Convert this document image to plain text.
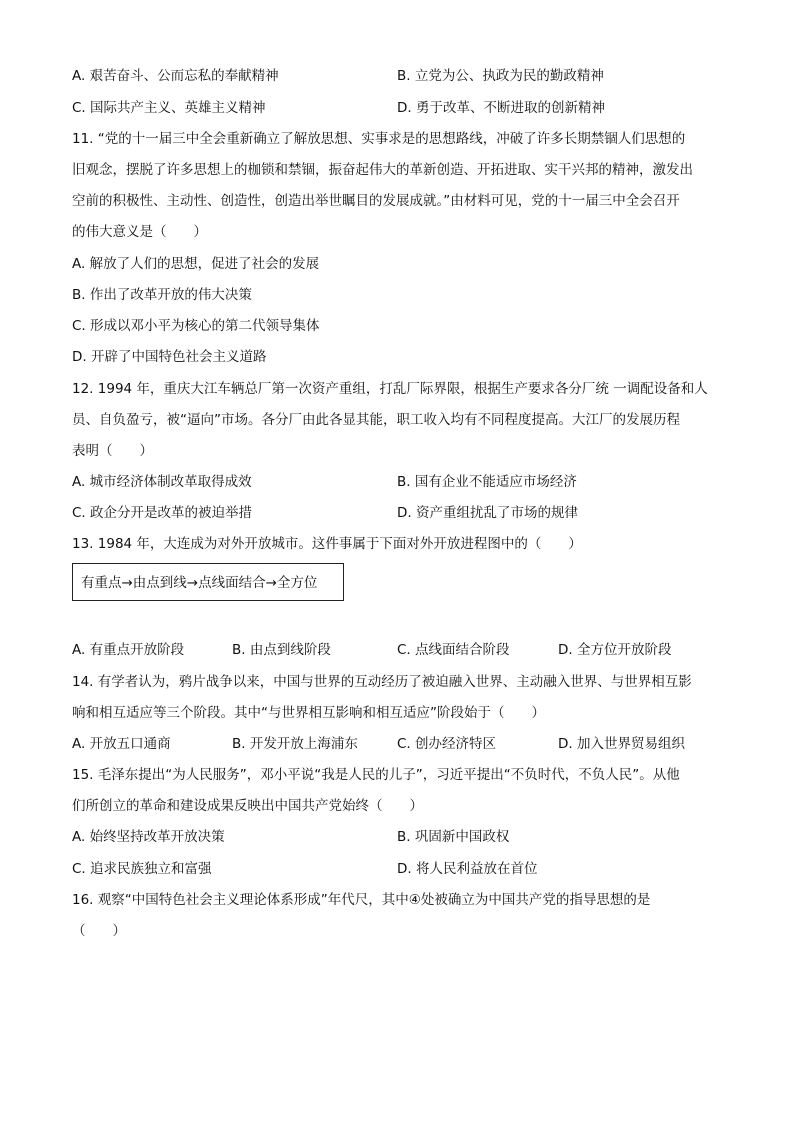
A. 艰苦奋斗、公而忘私的奉献精神	B. 立党为公、执政为民的勤政精神
C. 国际共产主义、英雄主义精神	D. 勇于改革、不断进取的创新精神
11. “党的十一届三中全会重新确立了解放思想、实事求是的思想路线，冲破了许多长期禁锢人们思想的
旧观念，摆脱了许多思想上的枷锁和禁锢，振奋起伟大的革新创造、开拓进取、实干兴邦的精神，激发出
空前的积极性、主动性、创造性，创造出举世瞩目的发展成就。”由材料可见，党的十一届三中全会召开
的伟大意义是（　　）
A. 解放了人们的思想，促进了社会的发展
B. 作出了改革开放的伟大决策
C. 形成以邓小平为核心的第二代领导集体
D. 开辟了中国特色社会主义道路
12. 1994 年，重庆大江车辆总厂第一次资产重组，打乱厂际界限，根据生产要求各分厂统 一调配设备和人
员、自负盈亏，被“逼向”市场。各分厂由此各显其能，职工收入均有不同程度提高。大江厂的发展历程
表明（　　）
A. 城市经济体制改革取得成效	B. 国有企业不能适应市场经济
C. 政企分开是改革的被迫举措	D. 资产重组扰乱了市场的规律
13. 1984 年，大连成为对外开放城市。这件事属于下面对外开放进程图中的（　　）
有重点→由点到线→点线面结合→全方位
A. 有重点开放阶段	B. 由点到线阶段	C. 点线面结合阶段	D. 全方位开放阶段
14. 有学者认为，鸦片战争以来，中国与世界的互动经历了被迫融入世界、主动融入世界、与世界相互影
响和相互适应等三个阶段。其中“与世界相互影响和相互适应”阶段始于（　　）
A. 开放五口通商	B. 开发开放上海浦东	C. 创办经济特区	D. 加入世界贸易组织
15. 毛泽东提出“为人民服务”，邓小平说“我是人民的儿子”，习近平提出“不负时代，不负人民”。从他
们所创立的革命和建设成果反映出中国共产党始终（　　）
A. 始终坚持改革开放决策	B. 巩固新中国政权
C. 追求民族独立和富强	D. 将人民利益放在首位
16. 观察“中国特色社会主义理论体系形成”年代尺，其中④处被确立为中国共产党的指导思想的是
（　　）
